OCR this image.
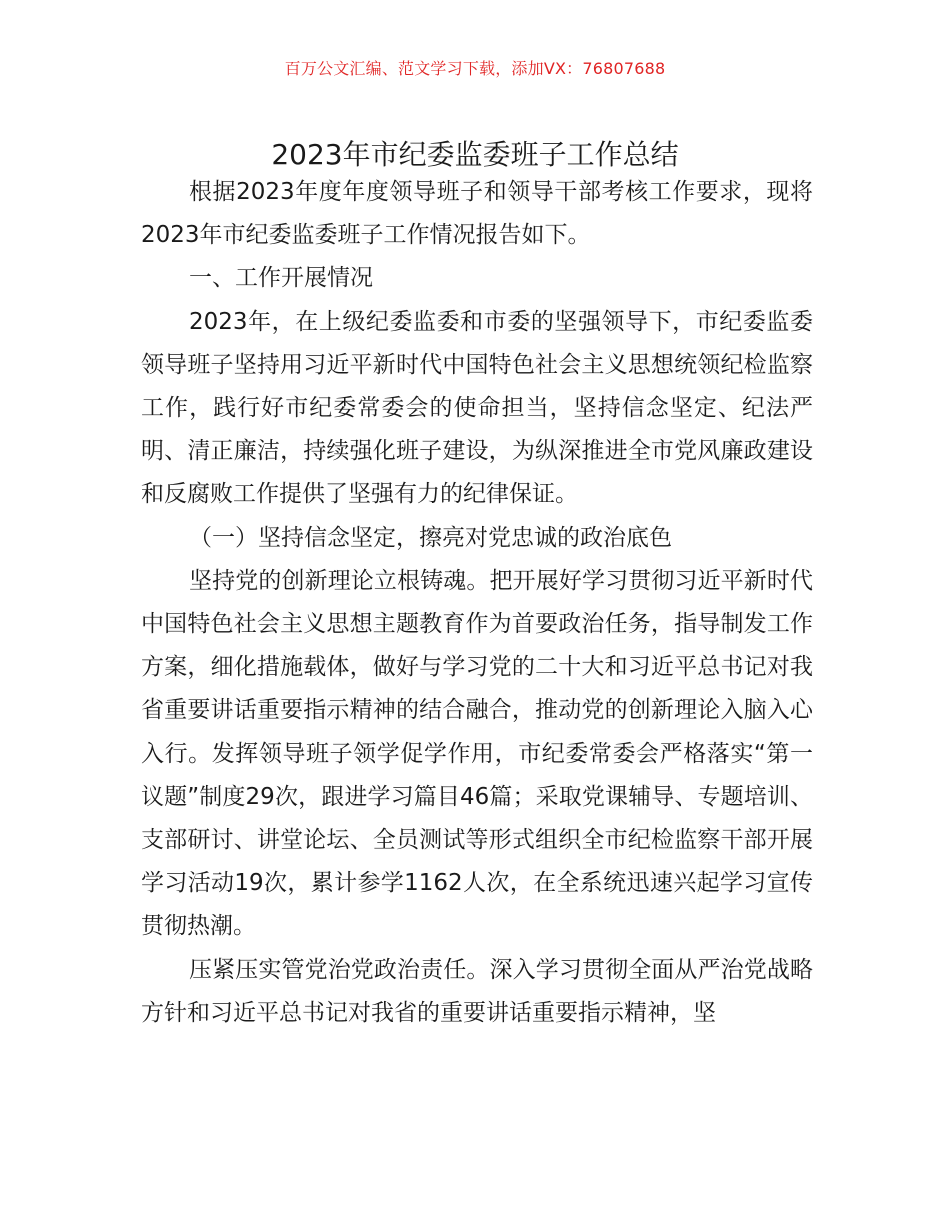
百万公文汇编、范文学习下载，添加VX：76807688
2023年市纪委监委班子工作总结

根据2023年度年度领导班子和领导干部考核工作要求，现将2023年市纪委监委班子工作情况报告如下。

一、工作开展情况

2023年，在上级纪委监委和市委的坚强领导下，市纪委监委领导班子坚持用习近平新时代中国特色社会主义思想统领纪检监察工作，践行好市纪委常委会的使命担当，坚持信念坚定、纪法严明、清正廉洁，持续强化班子建设，为纵深推进全市党风廉政建设和反腐败工作提供了坚强有力的纪律保证。

（一）坚持信念坚定，擦亮对党忠诚的政治底色

坚持党的创新理论立根铸魂。把开展好学习贯彻习近平新时代中国特色社会主义思想主题教育作为首要政治任务，指导制发工作方案，细化措施载体，做好与学习党的二十大和习近平总书记对我省重要讲话重要指示精神的结合融合，推动党的创新理论入脑入心入行。发挥领导班子领学促学作用，市纪委常委会严格落实“第一议题”制度29次，跟进学习篇目46篇；采取党课辅导、专题培训、支部研讨、讲堂论坛、全员测试等形式组织全市纪检监察干部开展学习活动19次，累计参学1162人次，在全系统迅速兴起学习宣传贯彻热潮。

压紧压实管党治党政治责任。深入学习贯彻全面从严治党战略方针和习近平总书记对我省的重要讲话重要指示精神，坚
